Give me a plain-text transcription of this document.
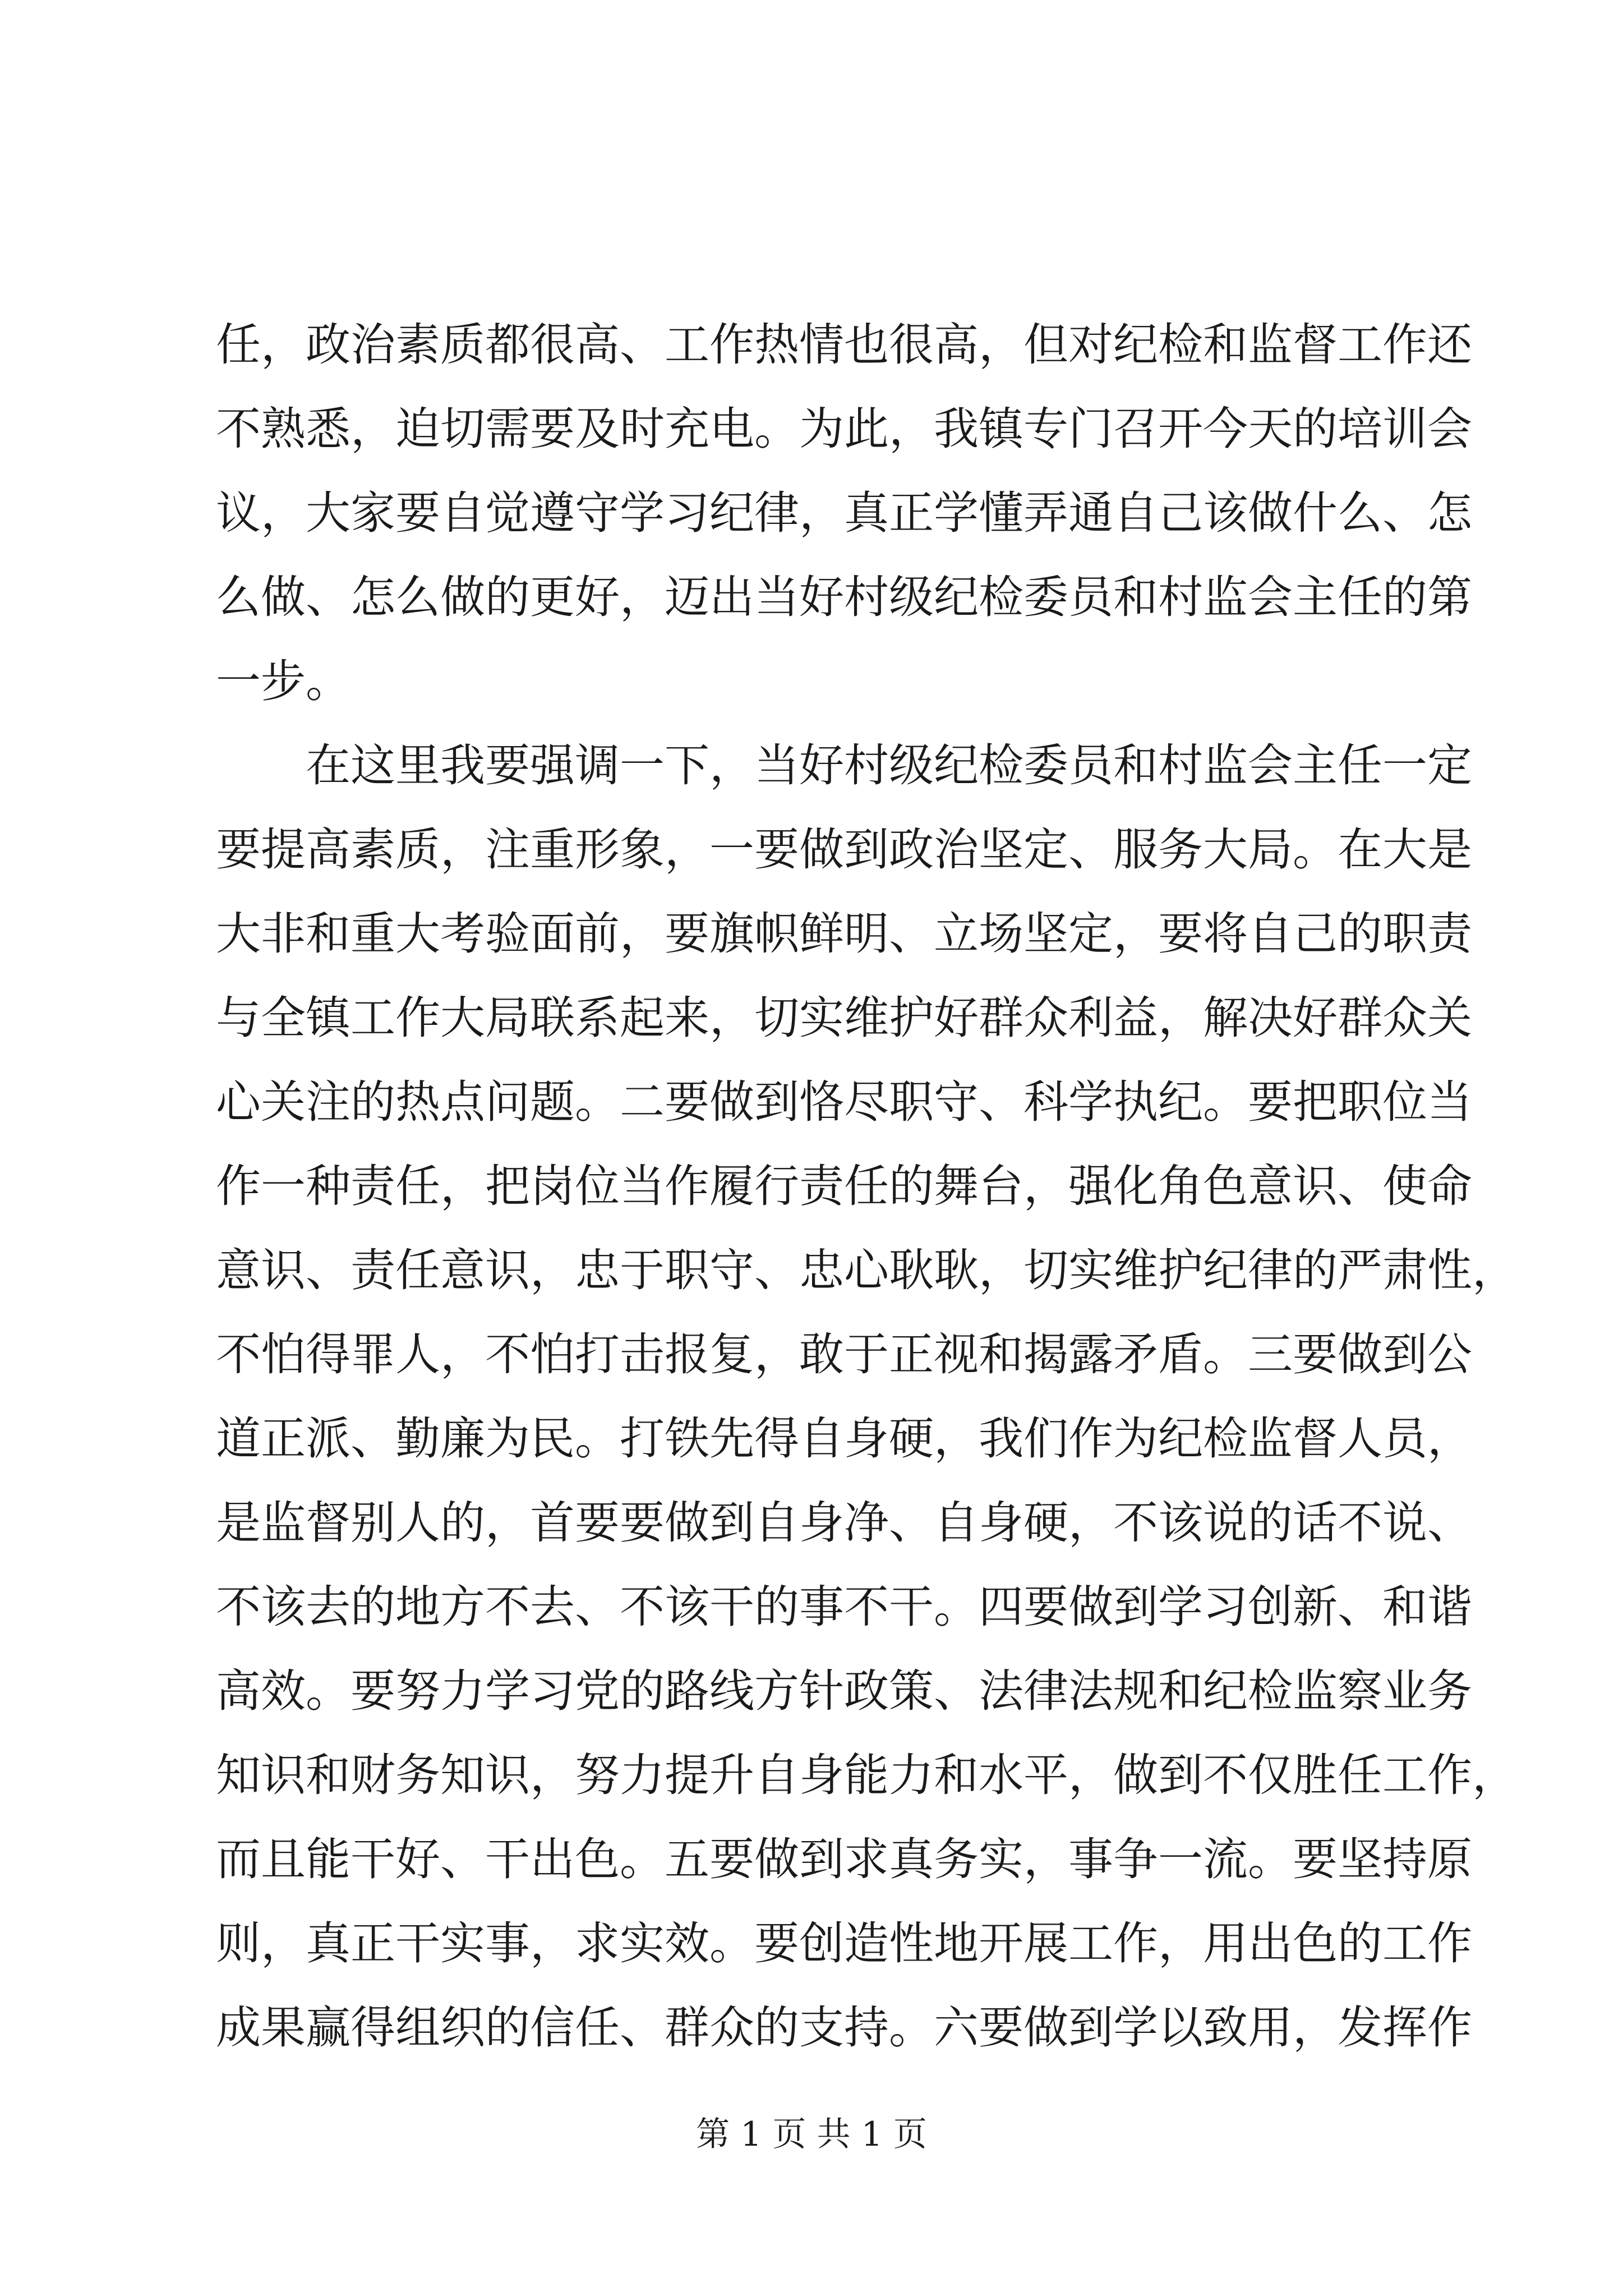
任，政治素质都很高、工作热情也很高，但对纪检和监督工作还
不熟悉，迫切需要及时充电。为此，我镇专门召开今天的培训会
议，大家要自觉遵守学习纪律，真正学懂弄通自己该做什么、怎
么做、怎么做的更好，迈出当好村级纪检委员和村监会主任的第
一步。
在这里我要强调一下，当好村级纪检委员和村监会主任一定
要提高素质，注重形象，一要做到政治坚定、服务大局。在大是
大非和重大考验面前，要旗帜鲜明、立场坚定，要将自己的职责
与全镇工作大局联系起来，切实维护好群众利益，解决好群众关
心关注的热点问题。二要做到恪尽职守、科学执纪。要把职位当
作一种责任，把岗位当作履行责任的舞台，强化角色意识、使命
意识、责任意识，忠于职守、忠心耿耿，切实维护纪律的严肃性，
不怕得罪人，不怕打击报复，敢于正视和揭露矛盾。三要做到公
道正派、勤廉为民。打铁先得自身硬，我们作为纪检监督人员，
是监督别人的，首要要做到自身净、自身硬，不该说的话不说、
不该去的地方不去、不该干的事不干。四要做到学习创新、和谐
高效。要努力学习党的路线方针政策、法律法规和纪检监察业务
知识和财务知识，努力提升自身能力和水平，做到不仅胜任工作，
而且能干好、干出色。五要做到求真务实，事争一流。要坚持原
则，真正干实事，求实效。要创造性地开展工作，用出色的工作
成果赢得组织的信任、群众的支持。六要做到学以致用，发挥作
第 1 页 共 1 页
